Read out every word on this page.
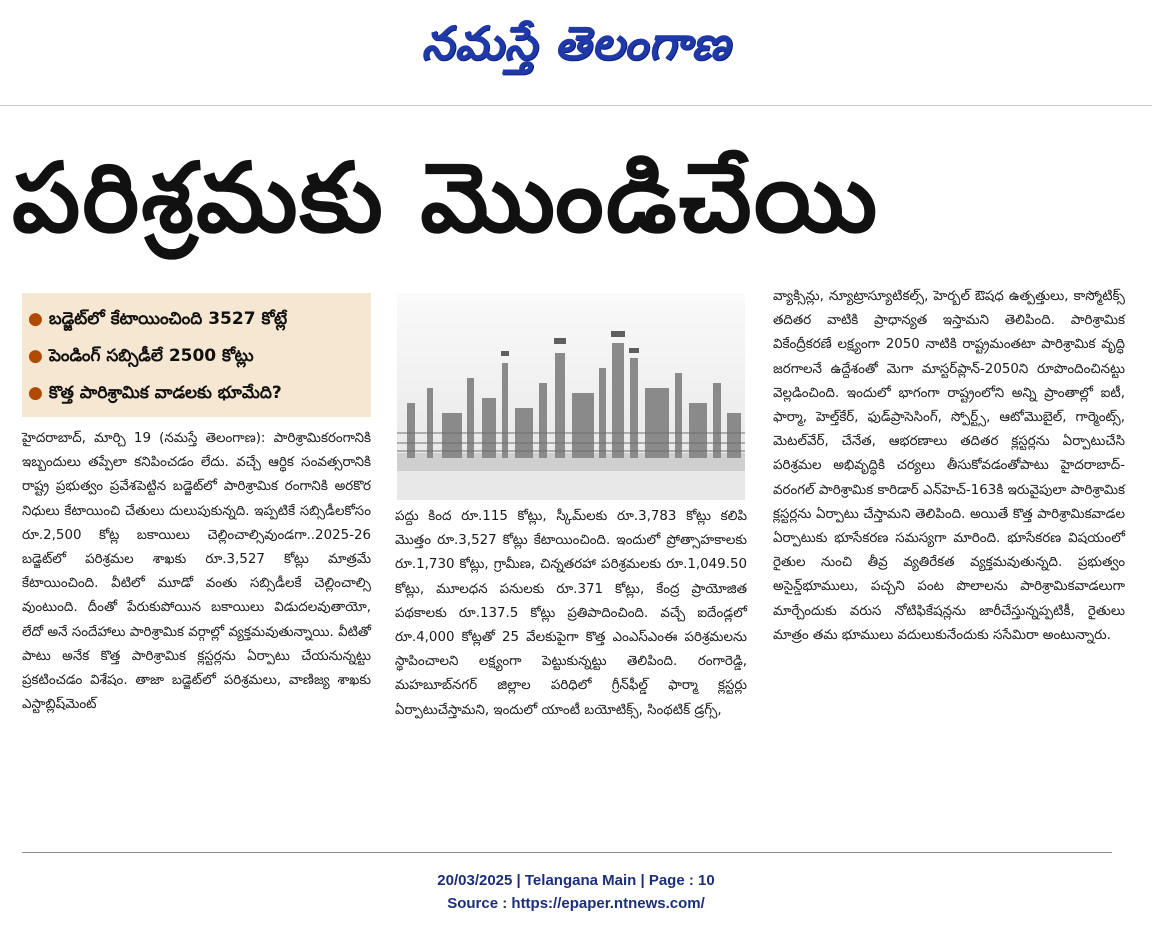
నమస్తే తెలంగాణ
పరిశ్రమకు మొండిచేయి
● బడ్జెట్‌లో కేటాయించింది 3527 కోట్లే
● పెండింగ్ సబ్సిడీలే 2500 కోట్లు
● కొత్త పారిశ్రామిక వాడలకు భూమేది?

హైదరాబాద్, మార్చి 19 (నమస్తే తెలంగాణ): పారిశ్రామికరంగానికి ఇబ్బందులు తప్పేలా కనిపించడం లేదు. వచ్చే ఆర్థిక సంవత్సరానికి రాష్ట్ర ప్రభుత్వం ప్రవేశపెట్టిన బడ్జెట్‌లో పారిశ్రామిక రంగానికి అరకొర నిధులు కేటాయించి చేతులు దులుపుకున్నది. ఇప్పటికే సబ్సిడీలకోసం రూ.2,500 కోట్ల బకాయిలు చెల్లించాల్సివుండగా..2025-26 బడ్జెట్‌లో పరిశ్రమల శాఖకు రూ.3,527 కోట్లు మాత్రమే కేటాయించింది. వీటిలో మూడో వంతు సబ్సిడీలకే చెల్లించాల్సి వుంటుంది. దీంతో పేరుకుపోయిన బకాయిలు విడుదలవుతాయో, లేదో అనే సందేహాలు పారిశ్రామిక వర్గాల్లో వ్యక్తమవుతున్నాయి. వీటితో పాటు అనేక కొత్త పారిశ్రామిక క్లస్టర్లను ఏర్పాటు చేయనున్నట్టు ప్రకటించడం విశేషం. తాజా బడ్జెట్‌లో పరిశ్రమలు, వాణిజ్య శాఖకు ఎస్టాబ్లిష్‌మెంట్

పద్దు కింద రూ.115 కోట్లు, స్కీమ్‌లకు రూ.3,783 కోట్లు కలిపి మొత్తం రూ.3,527 కోట్లు కేటాయించింది. ఇందులో ప్రోత్సాహకాలకు రూ.1,730 కోట్లు, గ్రామీణ, చిన్నతరహా పరిశ్రమలకు రూ.1,049.50 కోట్లు, మూలధన పనులకు రూ.371 కోట్లు, కేంద్ర ప్రాయోజిత పథకాలకు రూ.137.5 కోట్లు ప్రతిపాదించింది. వచ్చే ఐదేండ్లలో రూ.4,000 కోట్లతో 25 వేలకుపైగా కొత్త ఎంఎస్ఎంఈ పరిశ్రమలను స్థాపించాలని లక్ష్యంగా పెట్టుకున్నట్టు తెలిపింది. రంగారెడ్డి, మహబూబ్‌నగర్ జిల్లాల పరిధిలో గ్రీన్‌ఫీల్డ్ ఫార్మా క్లస్టర్లు ఏర్పాటుచేస్తామని, ఇందులో యాంటీ బయోటిక్స్, సింథటిక్ డ్రగ్స్,

వ్యాక్సిన్లు, న్యూట్రాస్యూటికల్స్, హెర్బల్ ఔషధ ఉత్పత్తులు, కాస్మోటిక్స్ తదితర వాటికి ప్రాధాన్యత ఇస్తామని తెలిపింది. పారిశ్రామిక వికేంద్రీకరణే లక్ష్యంగా 2050 నాటికి రాష్ట్రమంతటా పారిశ్రామిక వృద్ధి జరగాలనే ఉద్దేశంతో మెగా మాస్టర్‌ప్లాన్-2050ని రూపొందించినట్టు వెల్లడించింది. ఇందులో భాగంగా రాష్ట్రంలోని అన్ని ప్రాంతాల్లో ఐటీ, ఫార్మా, హెల్త్‌కేర్, ఫుడ్‌ప్రాసెసింగ్, స్పోర్ట్స్, ఆటోమొబైల్, గార్మెంట్స్, మెటల్‌వేర్, చేనేత, ఆభరణాలు తదితర క్లస్టర్లను ఏర్పాటుచేసి పరిశ్రమల అభివృద్ధికి చర్యలు తీసుకోవడంతోపాటు హైదరాబాద్-వరంగల్ పారిశ్రామిక కారిడార్ ఎన్‌హెచ్-163కి ఇరువైపులా పారిశ్రామిక క్లస్టర్లను ఏర్పాటు చేస్తామని తెలిపింది. అయితే కొత్త పారిశ్రామికవాడల ఏర్పాటుకు భూసేకరణ సమస్యగా మారింది. భూసేకరణ విషయంలో రైతుల నుంచి తీవ్ర వ్యతిరేకత వ్యక్తమవుతున్నది. ప్రభుత్వం అసైన్డ్‌భూములు, పచ్చని పంట పొలాలను పారిశ్రామికవాడలుగా మార్చేందుకు వరుస నోటిఫికేషన్లను జారీచేస్తున్నప్పటికీ, రైతులు మాత్రం తమ భూములు వదులుకునేందుకు ససేమిరా అంటున్నారు.

20/03/2025 | Telangana Main | Page : 10
Source : https://epaper.ntnews.com/
